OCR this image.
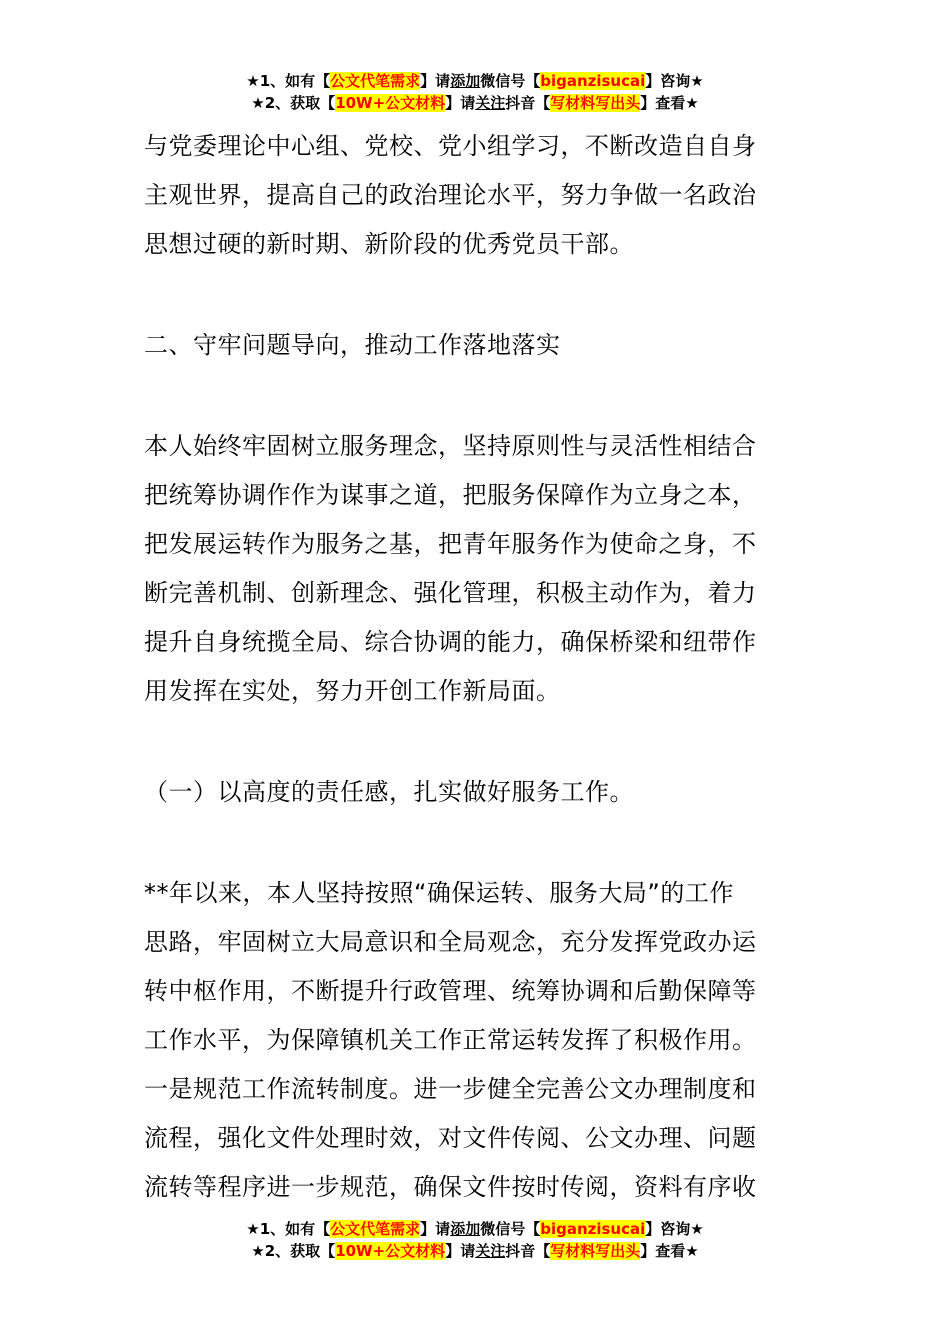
★1、如有【公文代笔需求】请添加微信号【biganzisucai】咨询★
★2、获取【10W+公文材料】请关注抖音【写材料写出头】查看★

与党委理论中心组、党校、党小组学习，不断改造自自身

主观世界，提高自己的政治理论水平，努力争做一名政治

思想过硬的新时期、新阶段的优秀党员干部。

二、守牢问题导向，推动工作落地落实

本人始终牢固树立服务理念，坚持原则性与灵活性相结合

把统筹协调作作为谋事之道，把服务保障作为立身之本，

把发展运转作为服务之基，把青年服务作为使命之身，不

断完善机制、创新理念、强化管理，积极主动作为，着力

提升自身统揽全局、综合协调的能力，确保桥梁和纽带作

用发挥在实处，努力开创工作新局面。

（一）以高度的责任感，扎实做好服务工作。

**年以来，本人坚持按照“确保运转、服务大局”的工作

思路，牢固树立大局意识和全局观念，充分发挥党政办运

转中枢作用，不断提升行政管理、统筹协调和后勤保障等

工作水平，为保障镇机关工作正常运转发挥了积极作用。

一是规范工作流转制度。进一步健全完善公文办理制度和

流程，强化文件处理时效，对文件传阅、公文办理、问题

流转等程序进一步规范，确保文件按时传阅，资料有序收

★1、如有【公文代笔需求】请添加微信号【biganzisucai】咨询★
★2、获取【10W+公文材料】请关注抖音【写材料写出头】查看★
